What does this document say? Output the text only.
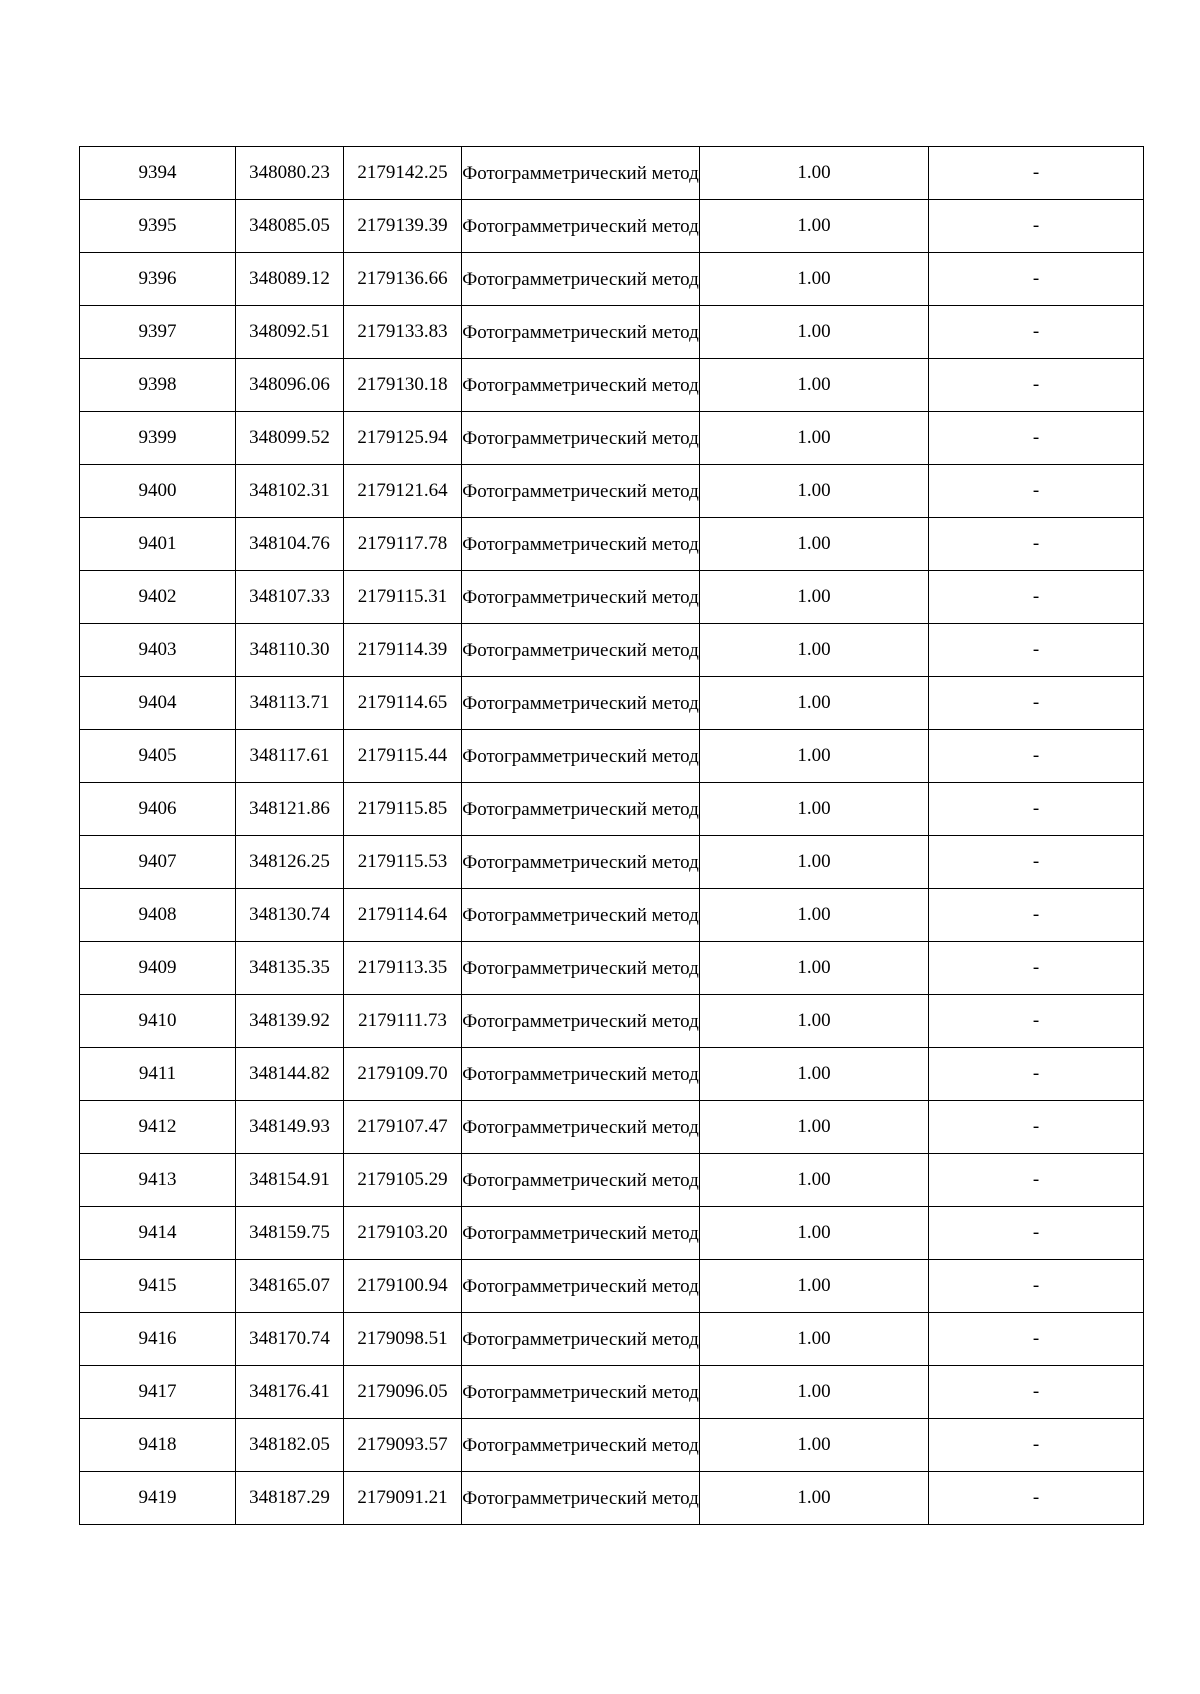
9394	348080.23	2179142.25	Фотограмметрический метод	1.00	-
9395	348085.05	2179139.39	Фотограмметрический метод	1.00	-
9396	348089.12	2179136.66	Фотограмметрический метод	1.00	-
9397	348092.51	2179133.83	Фотограмметрический метод	1.00	-
9398	348096.06	2179130.18	Фотограмметрический метод	1.00	-
9399	348099.52	2179125.94	Фотограмметрический метод	1.00	-
9400	348102.31	2179121.64	Фотограмметрический метод	1.00	-
9401	348104.76	2179117.78	Фотограмметрический метод	1.00	-
9402	348107.33	2179115.31	Фотограмметрический метод	1.00	-
9403	348110.30	2179114.39	Фотограмметрический метод	1.00	-
9404	348113.71	2179114.65	Фотограмметрический метод	1.00	-
9405	348117.61	2179115.44	Фотограмметрический метод	1.00	-
9406	348121.86	2179115.85	Фотограмметрический метод	1.00	-
9407	348126.25	2179115.53	Фотограмметрический метод	1.00	-
9408	348130.74	2179114.64	Фотограмметрический метод	1.00	-
9409	348135.35	2179113.35	Фотограмметрический метод	1.00	-
9410	348139.92	2179111.73	Фотограмметрический метод	1.00	-
9411	348144.82	2179109.70	Фотограмметрический метод	1.00	-
9412	348149.93	2179107.47	Фотограмметрический метод	1.00	-
9413	348154.91	2179105.29	Фотограмметрический метод	1.00	-
9414	348159.75	2179103.20	Фотограмметрический метод	1.00	-
9415	348165.07	2179100.94	Фотограмметрический метод	1.00	-
9416	348170.74	2179098.51	Фотограмметрический метод	1.00	-
9417	348176.41	2179096.05	Фотограмметрический метод	1.00	-
9418	348182.05	2179093.57	Фотограмметрический метод	1.00	-
9419	348187.29	2179091.21	Фотограмметрический метод	1.00	-
